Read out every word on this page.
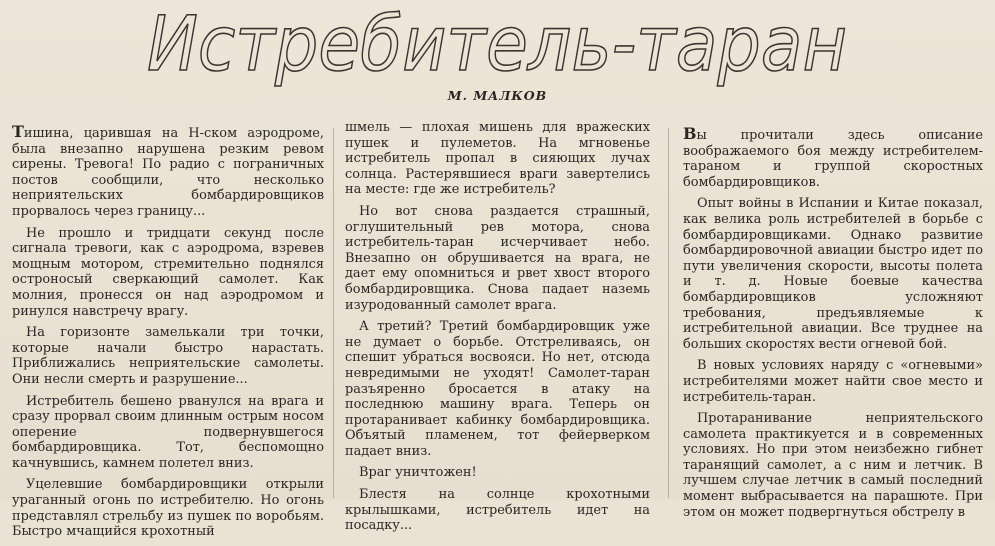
Истребитель-таран
М. МАЛКОВ

Тишина, царившая на Н-ском аэродроме, была внезапно нарушена резким ревом сирены. Тревога! По радио с пограничных постов сообщили, что несколько неприятельских бомбардировщиков прорвалось через границу...

Не прошло и тридцати секунд после сигнала тревоги, как с аэродрома, взревев мощным мотором, стремительно поднялся остроносый сверкающий самолет. Как молния, пронесся он над аэродромом и ринулся навстречу врагу.

На горизонте замелькали три точки, которые начали быстро нарастать. Приближались неприятельские самолеты. Они несли смерть и разрушение...

Истребитель бешено рванулся на врага и сразу прорвал своим длинным острым носом оперение подвернувшегося бомбардировщика. Тот, беспомощно качнувшись, камнем полетел вниз.

Уцелевшие бомбардировщики открыли ураганный огонь по истребителю. Но огонь представлял стрельбу из пушек по воробьям. Быстро мчащийся крохотный

шмель — плохая мишень для вражеских пушек и пулеметов. На мгновенье истребитель пропал в сияющих лучах солнца. Растерявшиеся враги завертелись на месте: где же истребитель?

Но вот снова раздается страшный, оглушительный рев мотора, снова истребитель-таран исчерчивает небо. Внезапно он обрушивается на врага, не дает ему опомниться и рвет хвост второго бомбардировщика. Снова падает наземь изуродованный самолет врага.

А третий? Третий бомбардировщик уже не думает о борьбе. Отстреливаясь, он спешит убраться восвояси. Но нет, отсюда невредимыми не уходят! Самолет-таран разъяренно бросается в атаку на последнюю машину врага. Теперь он протаранивает кабинку бомбардировщика. Объятый пламенем, тот фейерверком падает вниз.

Враг уничтожен!

Блестя на солнце крохотными крылышками, истребитель идет на посадку...

Вы прочитали здесь описание воображаемого боя между истребителем-тараном и группой скоростных бомбардировщиков.

Опыт войны в Испании и Китае показал, как велика роль истребителей в борьбе с бомбардировщиками. Однако развитие бомбардировочной авиации быстро идет по пути увеличения скорости, высоты полета и т. д. Новые боевые качества бомбардировщиков усложняют требования, предъявляемые к истребительной авиации. Все труднее на больших скоростях вести огневой бой.

В новых условиях наряду с «огневыми» истребителями может найти свое место и истребитель-таран.

Протаранивание неприятельского самолета практикуется и в современных условиях. Но при этом неизбежно гибнет таранящий самолет, а с ним и летчик. В лучшем случае летчик в самый последний момент выбрасывается на парашюте. При этом он может подвергнуться обстрелу в
